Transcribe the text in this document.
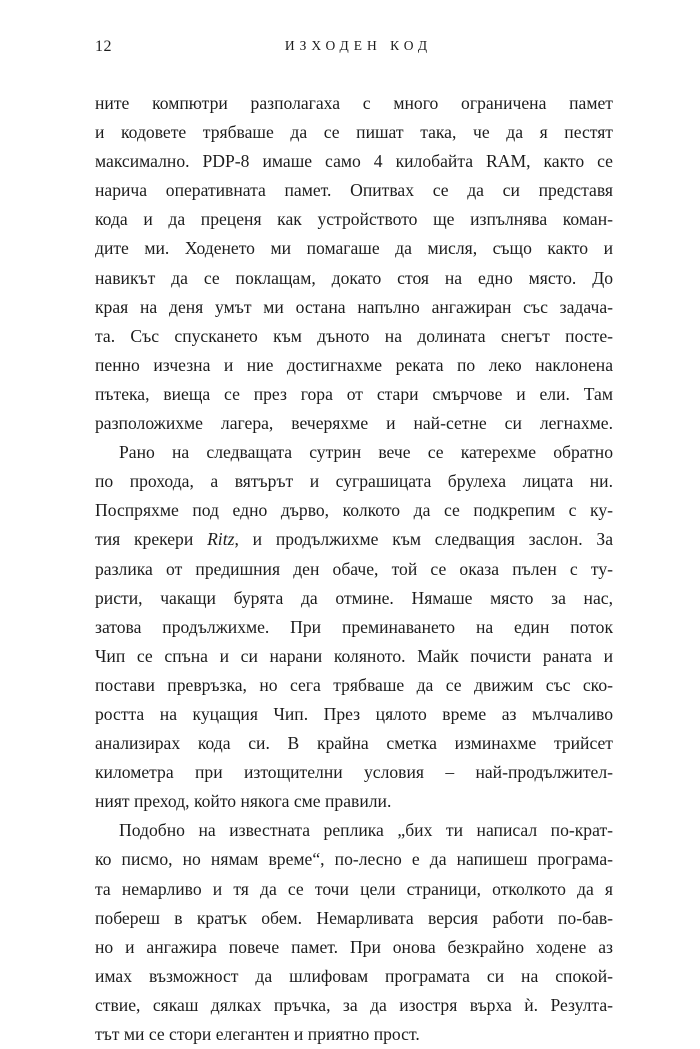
12	ИЗХОДЕН КОД

ните компютри разполагаха с много ограничена памет
и кодовете трябваше да се пишат така, че да я пестят
максимално. PDP-8 имаше само 4 килобайта RAM, както се
нарича оперативната памет. Опитвах се да си представя
кода и да преценя как устройството ще изпълнява коман-
дите ми. Ходенето ми помагаше да мисля, също както и
навикът да се поклащам, докато стоя на едно място. До
края на деня умът ми остана напълно ангажиран със задача-
та. Със спускането към дъното на долината снегът посте-
пенно изчезна и ние достигнахме реката по леко наклонена
пътека, виеща се през гора от стари смърчове и ели. Там
разположихме лагера, вечеряхме и най-сетне си легнахме.

Рано на следващата сутрин вече се катерехме обратно
по прохода, а вятърът и суграшицата брулеха лицата ни.
Поспряхме под едно дърво, колкото да се подкрепим с ку-
тия крекери Ritz, и продължихме към следващия заслон. За
разлика от предишния ден обаче, той се оказа пълен с ту-
ристи, чакащи бурята да отмине. Нямаше място за нас,
затова продължихме. При преминаването на един поток
Чип се спъна и си нарани коляното. Майк почисти раната и
постави превръзка, но сега трябваше да се движим със ско-
ростта на куцащия Чип. През цялото време аз мълчаливо
анализирах кода си. В крайна сметка изминахме трийсет
километра при изтощителни условия – най-продължител-
ният преход, който някога сме правили.

Подобно на известната реплика „бих ти написал по-крат-
ко писмо, но нямам време“, по-лесно е да напишеш програма-
та немарливо и тя да се точи цели страници, отколкото да я
побереш в кратък обем. Немарливата версия работи по-бав-
но и ангажира повече памет. При онова безкрайно ходене аз
имах възможност да шлифовам програмата си на спокой-
ствие, сякаш дялках пръчка, за да изостря върха ѝ. Резулта-
тът ми се стори елегантен и приятно прост.
